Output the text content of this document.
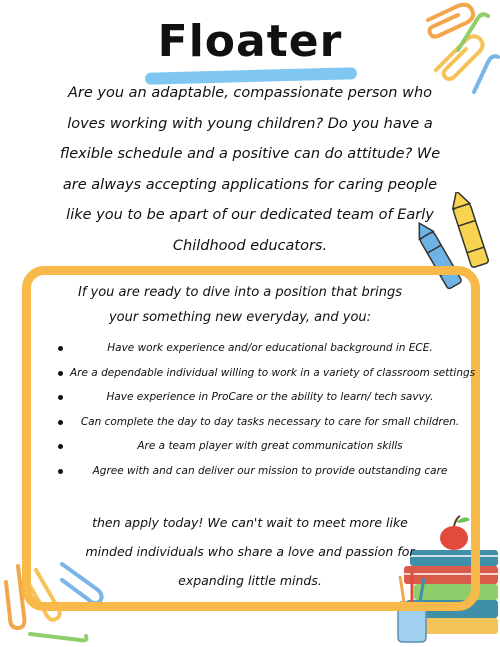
Floater
Are you an adaptable, compassionate person who loves working with young children? Do you have a flexible schedule and a positive can do attitude? We are always accepting applications for caring people like you to be apart of our dedicated team of Early Childhood educators.
If you are ready to dive into a position that brings your something new everyday, and you:
Have work experience and/or educational background in ECE.
Are a dependable individual willing to work in a variety of classroom settings
Have experience in ProCare or the ability to learn/ tech savvy.
Can complete the day to day tasks necessary to care for small children.
Are a team player with great communication skills
Agree with and can deliver our mission to provide outstanding care
then apply today! We can't wait to meet more like minded individuals who share a love and passion for expanding little minds.
